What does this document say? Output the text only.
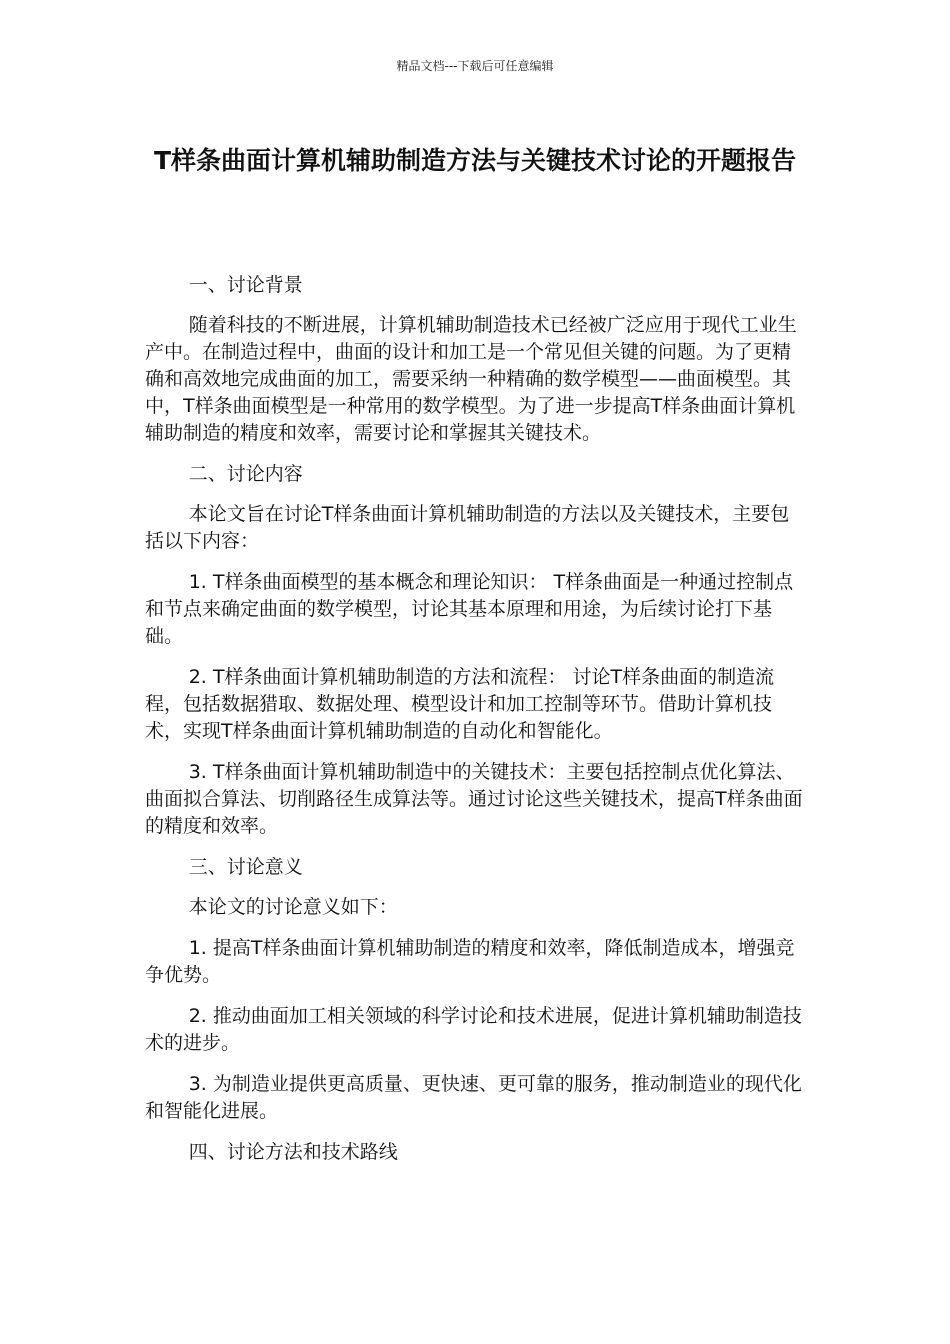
精品文档---下载后可任意编辑
T样条曲面计算机辅助制造方法与关键技术讨论的开题报告

一、讨论背景

随着科技的不断进展，计算机辅助制造技术已经被广泛应用于现代工业生产中。在制造过程中，曲面的设计和加工是一个常见但关键的问题。为了更精确和高效地完成曲面的加工，需要采纳一种精确的数学模型——曲面模型。其中，T样条曲面模型是一种常用的数学模型。为了进一步提高T样条曲面计算机辅助制造的精度和效率，需要讨论和掌握其关键技术。

二、讨论内容

本论文旨在讨论T样条曲面计算机辅助制造的方法以及关键技术，主要包括以下内容：

1. T样条曲面模型的基本概念和理论知识： T样条曲面是一种通过控制点和节点来确定曲面的数学模型，讨论其基本原理和用途，为后续讨论打下基础。

2. T样条曲面计算机辅助制造的方法和流程： 讨论T样条曲面的制造流程，包括数据猎取、数据处理、模型设计和加工控制等环节。借助计算机技术，实现T样条曲面计算机辅助制造的自动化和智能化。

3. T样条曲面计算机辅助制造中的关键技术：主要包括控制点优化算法、曲面拟合算法、切削路径生成算法等。通过讨论这些关键技术，提高T样条曲面的精度和效率。

三、讨论意义

本论文的讨论意义如下：

1. 提高T样条曲面计算机辅助制造的精度和效率，降低制造成本，增强竞争优势。

2. 推动曲面加工相关领域的科学讨论和技术进展，促进计算机辅助制造技术的进步。

3. 为制造业提供更高质量、更快速、更可靠的服务，推动制造业的现代化和智能化进展。

四、讨论方法和技术路线
